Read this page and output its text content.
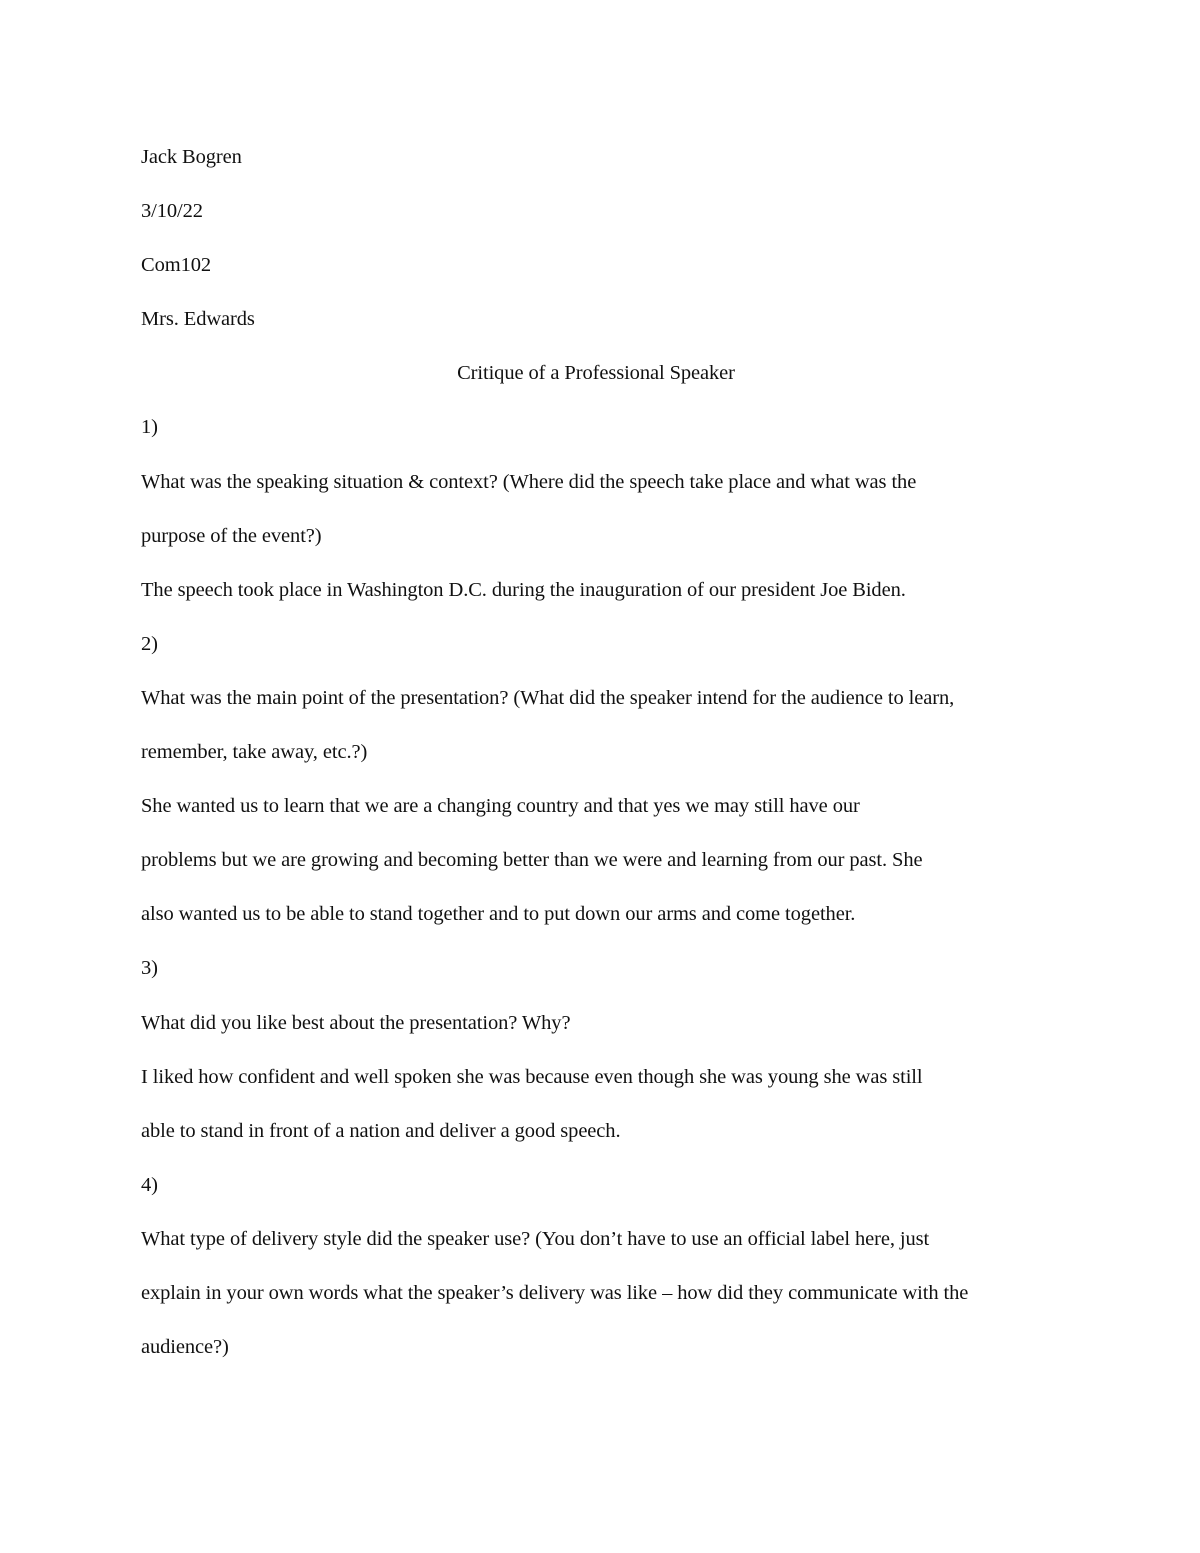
Jack Bogren

3/10/22

Com102

Mrs. Edwards

Critique of a Professional Speaker

1)

What was the speaking situation & context? (Where did the speech take place and what was the

purpose of the event?)

The speech took place in Washington D.C. during the inauguration of our president Joe Biden.

2)

What was the main point of the presentation? (What did the speaker intend for the audience to learn,

remember, take away, etc.?)

She wanted us to learn that we are a changing country and that yes we may still have our

problems but we are growing and becoming better than we were and learning from our past. She

also wanted us to be able to stand together and to put down our arms and come together.

3)

What did you like best about the presentation? Why?

I liked how confident and well spoken she was because even though she was young she was still

able to stand in front of a nation and deliver a good speech.

4)

What type of delivery style did the speaker use? (You don’t have to use an official label here, just

explain in your own words what the speaker’s delivery was like – how did they communicate with the

audience?)
